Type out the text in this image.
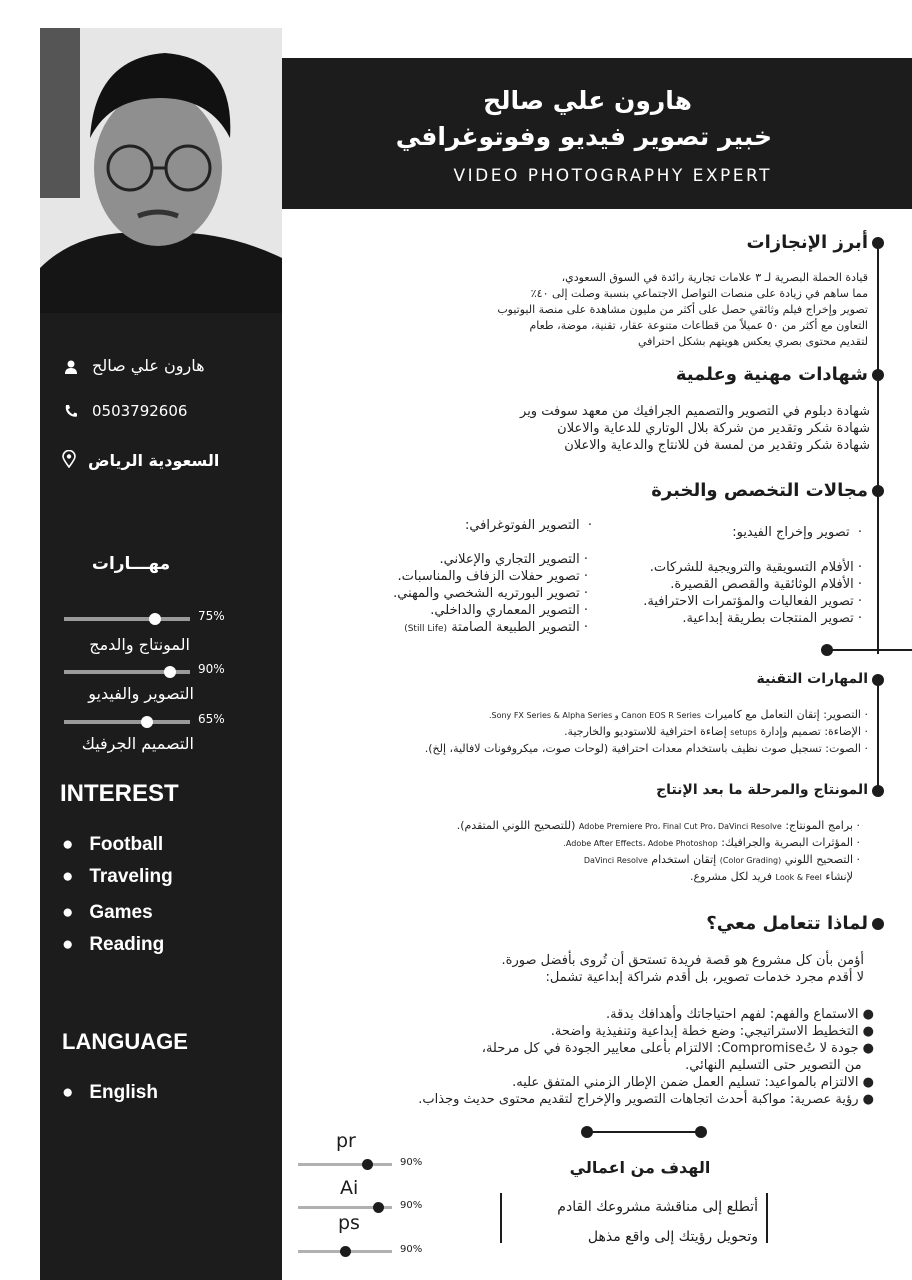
هارون علي صالح
خبير تصوير فيديو وفوتوغرافي
VIDEO PHOTOGRAPHY EXPERT
هارون علي صالح
0503792606
السعودية الرياض
مهـــارات
75%
المونتاج والدمج
90%
التصوير والفيديو
65%
التصميم الجرفيك
INTEREST
●   Football
●   Traveling
●   Games
●   Reading
LANGUAGE
●   English
أبرز الإنجازات
قيادة الحملة البصرية لـ ٣ علامات تجارية رائدة في السوق السعودي،
مما ساهم في زيادة على منصات التواصل الاجتماعي بنسبة وصلت إلى ٤٠٪
تصوير وإخراج فيلم وثائقي حصل على أكثر من مليون مشاهدة على منصة اليوتيوب
التعاون مع أكثر من ٥٠ عميلاً من قطاعات متنوعة عقار، تقنية، موضة، طعام
لتقديم محتوى بصري يعكس هويتهم بشكل احترافي
شهادات مهنية وعلمية
شهادة دبلوم في التصوير والتصميم الجرافيك من معهد سوفت وير
شهادة شكر وتقدير من شركة بلال الوتاري للدعاية والاعلان
شهادة شكر وتقدير من لمسة فن للانتاج والدعاية والاعلان
مجالات التخصص والخبرة
·  تصوير وإخراج الفيديو:
· الأفلام التسويقية والترويجية للشركات.
· الأفلام الوثائقية والقصص القصيرة.
· تصوير الفعاليات والمؤتمرات الاحترافية.
· تصوير المنتجات بطريقة إبداعية.
·  التصوير الفوتوغرافي:
· التصوير التجاري والإعلاني.
· تصوير حفلات الزفاف والمناسبات.
· تصوير البورتريه الشخصي والمهني.
· التصوير المعماري والداخلي.
· التصوير الطبيعة الصامتة (Still Life)
المهارات التقنية
· التصوير: إتقان التعامل مع كاميرات Canon EOS R Series و Sony FX Series & Alpha Series.
· الإضاءة: تصميم وإدارة setups إضاءة احترافية للاستوديو والخارجية.
· الصوت: تسجيل صوت نظيف باستخدام معدات احترافية (لوحات صوت، ميكروفونات لافالية، إلخ).
المونتاج والمرحلة ما بعد الإنتاج
· برامج المونتاج: Adobe Premiere Pro، Final Cut Pro، DaVinci Resolve (للتصحيح اللوني المتقدم).
· المؤثرات البصرية والجرافيك: Adobe After Effects، Adobe Photoshop.
· التصحيح اللوني (Color Grading) إتقان استخدام DaVinci Resolve
لإنشاء Look & Feel فريد لكل مشروع.
لماذا تتعامل معي؟
أؤمن بأن كل مشروع هو قصة فريدة تستحق أن تُروى بأفضل صورة.
لا أقدم مجرد خدمات تصوير، بل أقدم شراكة إبداعية تشمل:
● الاستماع والفهم: لفهم احتياجاتك وأهدافك بدقة.
● التخطيط الاستراتيجي: وضع خطة إبداعية وتنفيذية واضحة.
● جودة لا تُCompromise: الالتزام بأعلى معايير الجودة في كل مرحلة،
من التصوير حتى التسليم النهائي.
● الالتزام بالمواعيد: تسليم العمل ضمن الإطار الزمني المتفق عليه.
● رؤية عصرية: مواكبة أحدث اتجاهات التصوير والإخراج لتقديم محتوى حديث وجذاب.
الهدف من اعمالي
أتطلع إلى مناقشة مشروعك القادم
وتحويل رؤيتك إلى واقع مذهل
pr
90%
Ai
90%
ps
90%
